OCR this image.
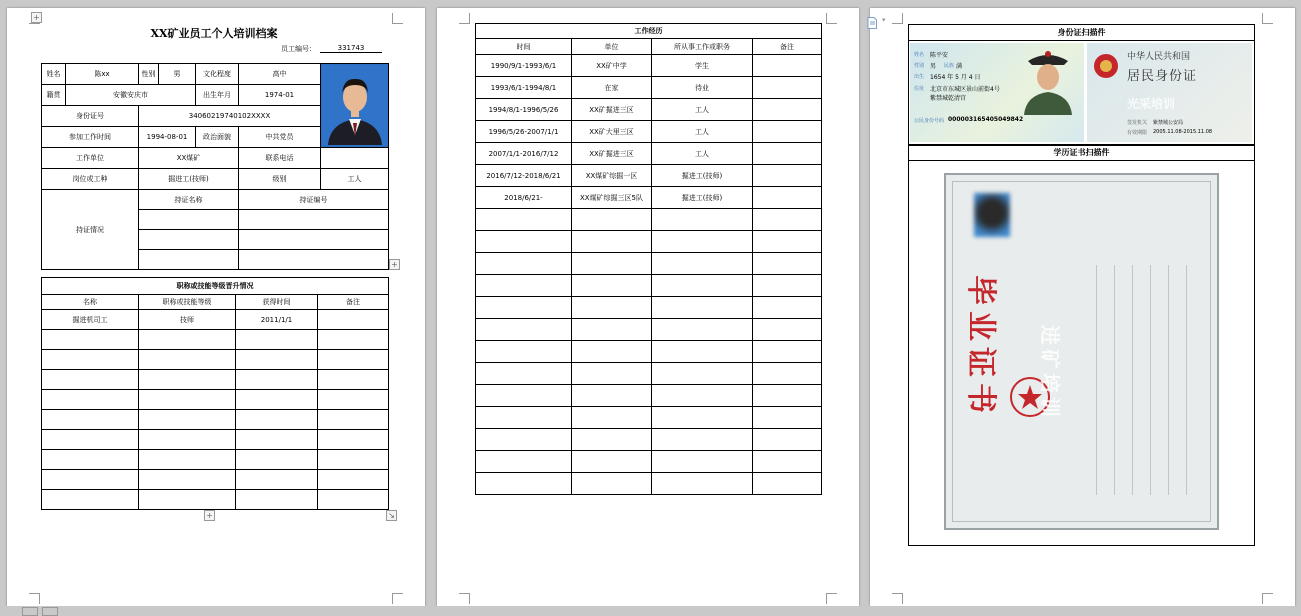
+
XX矿业员工个人培训档案
员工编号：	331743
姓名	陈xx	性别	男	文化程度	高中	
籍贯	安徽安庆市			出生年月	1974-01	
身份证号		34060219740102XXXX				
参加工作时间		1994-08-01		政治面貌	中共党员	
工作单位		XX煤矿			联系电话	
岗位或工种		掘进工(技师)			级别	工人
持证情况		持证名称			持证编号	

职称或技能等级晋升情况			
名称	职称或技能等级	获得时间	备注
掘进机司工	技师	2011/1/1	

+
+	↘
工作经历			
时间	单位	所从事工作或职务	备注
1990/9/1-1993/6/1	XX矿中学	学生	
1993/6/1-1994/8/1	在家	待业	
1994/8/1-1996/5/26	XX矿掘进三区	工人	
1996/5/26-2007/1/1	XX矿大里三区	工人	
2007/1/1-2016/7/12	XX矿掘进三区	工人	
2016/7/12-2018/6/21	XX煤矿综掘一区	掘进工(技师)	
2018/6/21-	XX煤矿综掘三区5队	掘进工(技师)	

▾
身份证扫描件
姓名 陈平安
性别 男 民族 满
出生 1654 年 5 月 4 日
住址 北京市东城区景山前街4号
紫禁城乾清宫
公民身份号码 000003165405049842
中华人民共和国
居民身份证
光采培训
签发机关 紫禁城公安局
有效期限 2005.11.08-2015.11.08
学历证书扫描件
毕业证书	进矿培训
